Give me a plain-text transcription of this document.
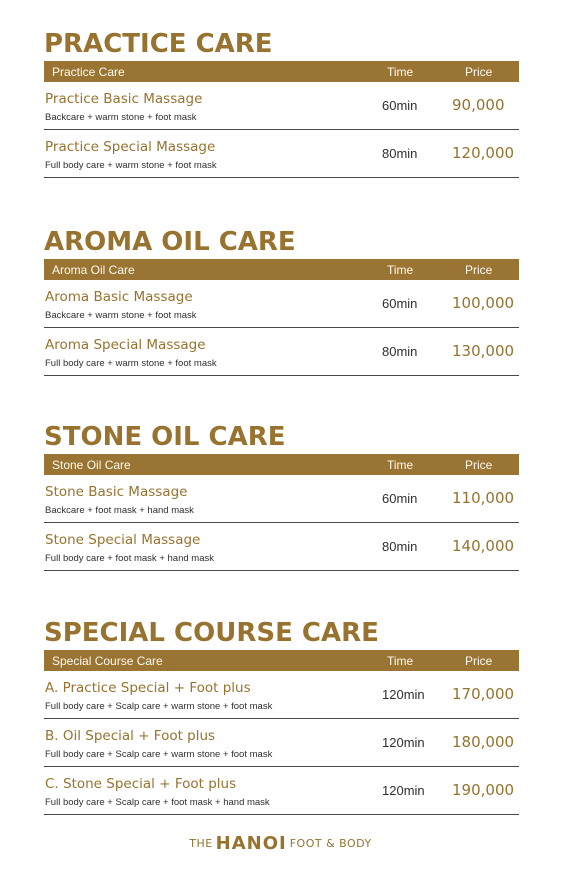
PRACTICE CARE
Practice Care	Time	Price
Practice Basic Massage
Backcare + warm stone + foot mask
60min 90,000
Practice Special Massage
Full body care + warm stone + foot mask
80min 120,000
AROMA OIL CARE
Aroma Oil Care	Time	Price
Aroma Basic Massage
Backcare + warm stone + foot mask
60min 100,000
Aroma Special Massage
Full body care + warm stone + foot mask
80min 130,000
STONE OIL CARE
Stone Oil Care	Time	Price
Stone Basic Massage
Backcare + foot mask + hand mask
60min 110,000
Stone Special Massage
Full body care + foot mask + hand mask
80min 140,000
SPECIAL COURSE CARE
Special Course Care	Time	Price
A. Practice Special + Foot plus
Full body care + Scalp care + warm stone + foot mask
120min 170,000
B. Oil Special + Foot plus
Full body care + Scalp care + warm stone + foot mask
120min 180,000
C. Stone Special + Foot plus
Full body care + Scalp care + foot mask + hand mask
120min 190,000
THE HANOI FOOT & BODY
